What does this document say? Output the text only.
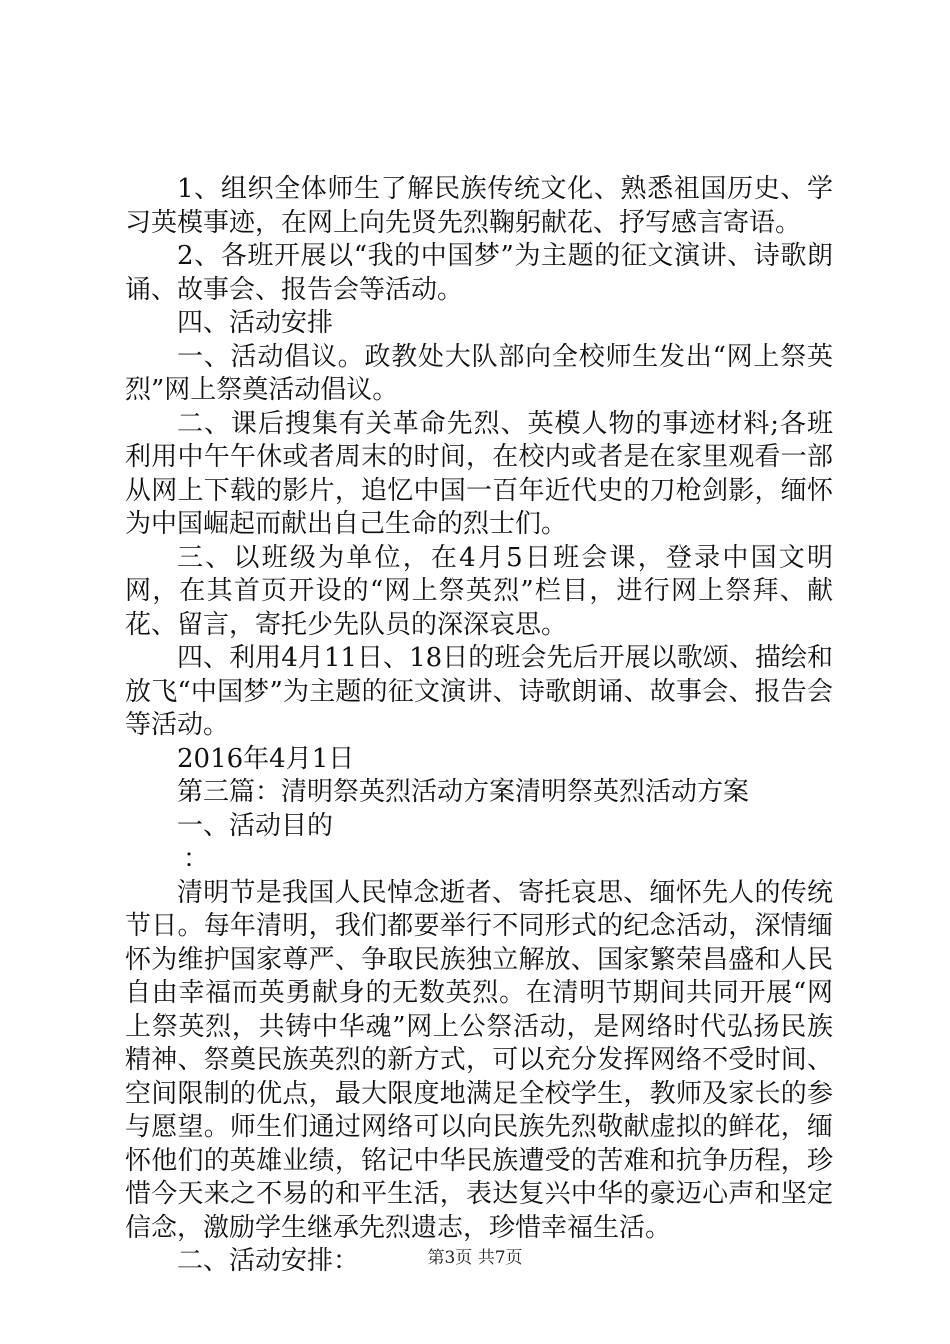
1、组织全体师生了解民族传统文化、熟悉祖国历史、学习英模事迹，在网上向先贤先烈鞠躬献花、抒写感言寄语。

2、各班开展以“我的中国梦”为主题的征文演讲、诗歌朗诵、故事会、报告会等活动。

四、活动安排

一、活动倡议。政教处大队部向全校师生发出“网上祭英烈”网上祭奠活动倡议。

二、课后搜集有关革命先烈、英模人物的事迹材料;各班利用中午午休或者周末的时间，在校内或者是在家里观看一部从网上下载的影片，追忆中国一百年近代史的刀枪剑影，缅怀为中国崛起而献出自己生命的烈士们。

三、以班级为单位，在4月5日班会课，登录中国文明网，在其首页开设的“网上祭英烈”栏目，进行网上祭拜、献花、留言，寄托少先队员的深深哀思。

四、利用4月11日、18日的班会先后开展以歌颂、描绘和放飞“中国梦”为主题的征文演讲、诗歌朗诵、故事会、报告会等活动。

2016年4月1日

第三篇：清明祭英烈活动方案清明祭英烈活动方案

一、活动目的

：

清明节是我国人民悼念逝者、寄托哀思、缅怀先人的传统节日。每年清明，我们都要举行不同形式的纪念活动，深情缅怀为维护国家尊严、争取民族独立解放、国家繁荣昌盛和人民自由幸福而英勇献身的无数英烈。在清明节期间共同开展“网上祭英烈，共铸中华魂”网上公祭活动，是网络时代弘扬民族精神、祭奠民族英烈的新方式，可以充分发挥网络不受时间、空间限制的优点，最大限度地满足全校学生，教师及家长的参与愿望。师生们通过网络可以向民族先烈敬献虚拟的鲜花，缅怀他们的英雄业绩，铭记中华民族遭受的苦难和抗争历程，珍惜今天来之不易的和平生活，表达复兴中华的豪迈心声和坚定信念，激励学生继承先烈遗志，珍惜幸福生活。

二、活动安排：	第3页 共7页
